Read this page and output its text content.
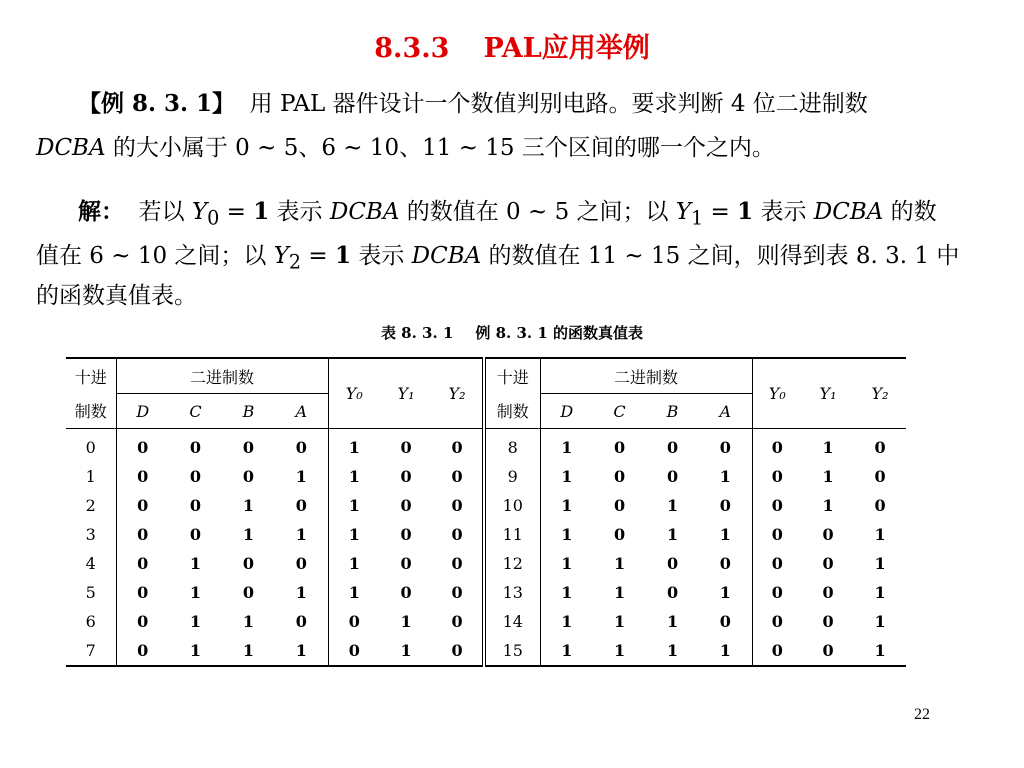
8.3.3 PAL应用举例
【例 8. 3. 1】 用 PAL 器件设计一个数值判别电路。要求判断 4 位二进制数
DCBA 的大小属于 0 ~ 5、6 ~ 10、11 ~ 15 三个区间的哪一个之内。
解： 若以 $Y_0 = 1$ 表示 DCBA 的数值在 0 ~ 5 之间；以 $Y_1 = 1$ 表示 DCBA 的数
值在 6 ~ 10 之间；以 $Y_2 = 1$ 表示 DCBA 的数值在 11 ~ 15 之间，则得到表 8. 3. 1 中
的函数真值表。
表 8. 3. 1 例 8. 3. 1 的函数真值表
十进	二进制数				Y₀	Y₁	Y₂	十进	二进制数				Y₀	Y₁	Y₂
制数	D	C	B	A				制数	D	C	B	A			
0	0	0	0	0	1	0	0	8	1	0	0	0	0	1	0
1	0	0	0	1	1	0	0	9	1	0	0	1	0	1	0
2	0	0	1	0	1	0	0	10	1	0	1	0	0	1	0
3	0	0	1	1	1	0	0	11	1	0	1	1	0	0	1
4	0	1	0	0	1	0	0	12	1	1	0	0	0	0	1
5	0	1	0	1	1	0	0	13	1	1	0	1	0	0	1
6	0	1	1	0	0	1	0	14	1	1	1	0	0	0	1
7	0	1	1	1	0	1	0	15	1	1	1	1	0	0	1
22
